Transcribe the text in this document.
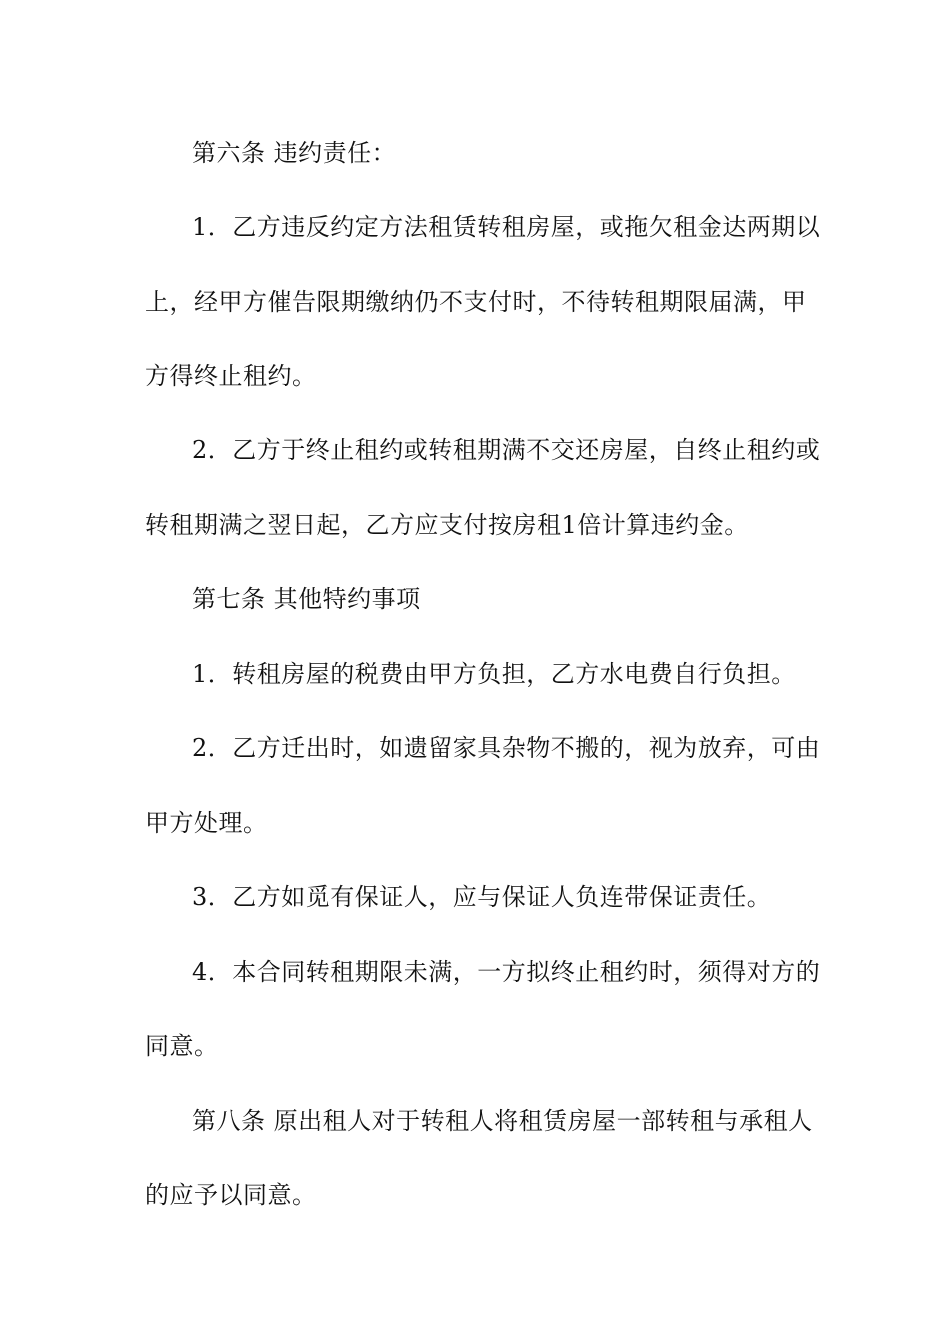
第六条 违约责任：
1．乙方违反约定方法租赁转租房屋，或拖欠租金达两期以
上，经甲方催告限期缴纳仍不支付时，不待转租期限届满，甲
方得终止租约。
2．乙方于终止租约或转租期满不交还房屋，自终止租约或
转租期满之翌日起，乙方应支付按房租1倍计算违约金。
第七条 其他特约事项
1．转租房屋的税费由甲方负担，乙方水电费自行负担。
2．乙方迁出时，如遗留家具杂物不搬的，视为放弃，可由
甲方处理。
3．乙方如觅有保证人，应与保证人负连带保证责任。
4．本合同转租期限未满，一方拟终止租约时，须得对方的
同意。
第八条 原出租人对于转租人将租赁房屋一部转租与承租人
的应予以同意。
